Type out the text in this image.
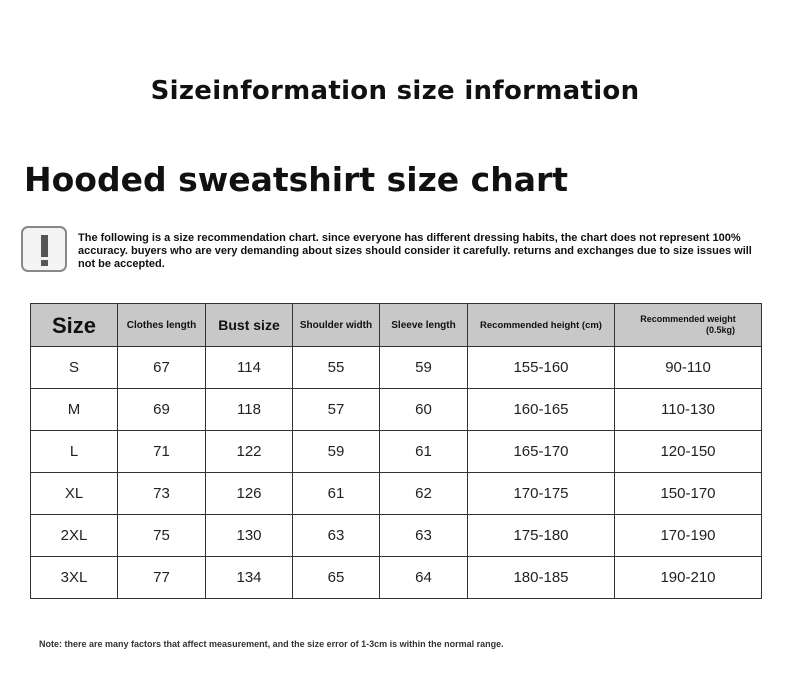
Sizeinformation size information
Hooded sweatshirt size chart
The following is a size recommendation chart. since everyone has different dressing habits, the chart does not represent 100% accuracy. buyers who are very demanding about sizes should consider it carefully. returns and exchanges due to size issues will not be accepted.
Size	Clothes length	Bust size	Shoulder width	Sleeve length	Recommended height (cm)	Recommended weight
(0.5kg)

S	67	114	55	59	155-160	90-110
M	69	118	57	60	160-165	110-130
L	71	122	59	61	165-170	120-150
XL	73	126	61	62	170-175	150-170
2XL	75	130	63	63	175-180	170-190
3XL	77	134	65	64	180-185	190-210
Note: there are many factors that affect measurement, and the size error of 1-3cm is within the normal range.
